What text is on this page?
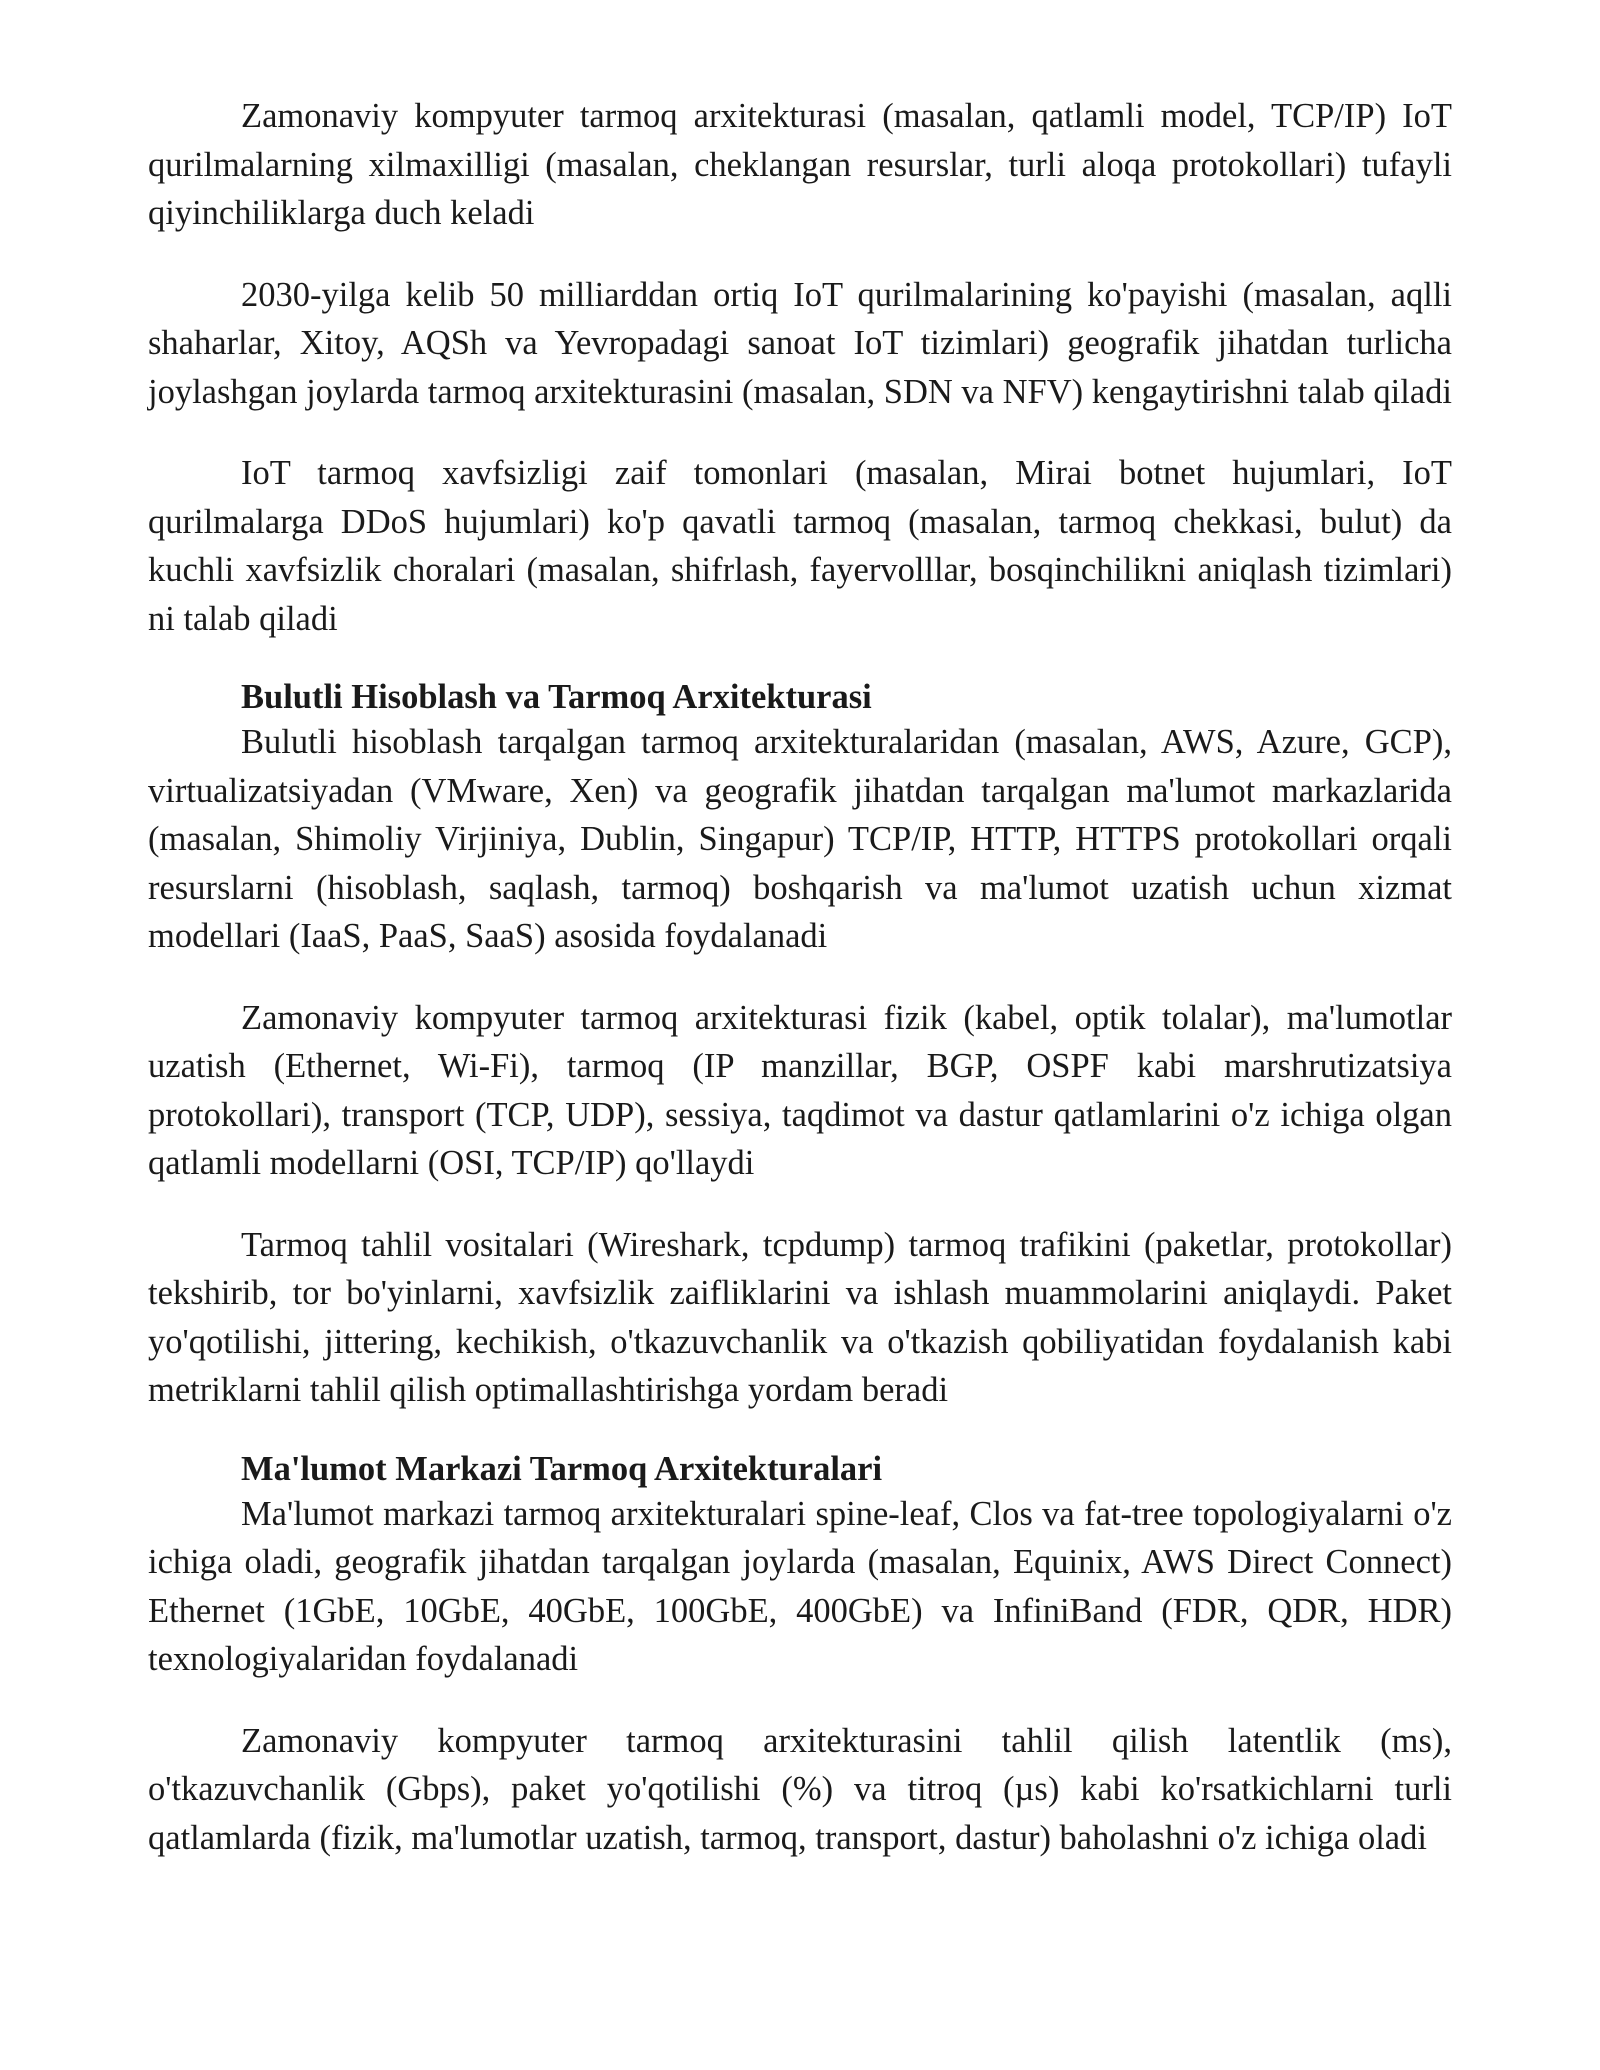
Zamonaviy kompyuter tarmoq arxitekturasi (masalan, qatlamli model, TCP/IP) IoT qurilmalarning xilmaxilligi (masalan, cheklangan resurslar, turli aloqa protokollari) tufayli qiyinchiliklarga duch keladi

2030-yilga kelib 50 milliarddan ortiq IoT qurilmalarining ko'payishi (masalan, aqlli shaharlar, Xitoy, AQSh va Yevropadagi sanoat IoT tizimlari) geografik jihatdan turlicha joylashgan joylarda tarmoq arxitekturasini (masalan, SDN va NFV) kengaytirishni talab qiladi

IoT tarmoq xavfsizligi zaif tomonlari (masalan, Mirai botnet hujumlari, IoT qurilmalarga DDoS hujumlari) ko'p qavatli tarmoq (masalan, tarmoq chekkasi, bulut) da kuchli xavfsizlik choralari (masalan, shifrlash, fayervolllar, bosqinchilikni aniqlash tizimlari) ni talab qiladi

Bulutli Hisoblash va Tarmoq Arxitekturasi

Bulutli hisoblash tarqalgan tarmoq arxitekturalaridan (masalan, AWS, Azure, GCP), virtualizatsiyadan (VMware, Xen) va geografik jihatdan tarqalgan ma'lumot markazlarida (masalan, Shimoliy Virjiniya, Dublin, Singapur) TCP/IP, HTTP, HTTPS protokollari orqali resurslarni (hisoblash, saqlash, tarmoq) boshqarish va ma'lumot uzatish uchun xizmat modellari (IaaS, PaaS, SaaS) asosida foydalanadi

Zamonaviy kompyuter tarmoq arxitekturasi fizik (kabel, optik tolalar), ma'lumotlar uzatish (Ethernet, Wi-Fi), tarmoq (IP manzillar, BGP, OSPF kabi marshrutizatsiya protokollari), transport (TCP, UDP), sessiya, taqdimot va dastur qatlamlarini o'z ichiga olgan qatlamli modellarni (OSI, TCP/IP) qo'llaydi

Tarmoq tahlil vositalari (Wireshark, tcpdump) tarmoq trafikini (paketlar, protokollar) tekshirib, tor bo'yinlarni, xavfsizlik zaifliklarini va ishlash muammolarini aniqlaydi. Paket yo'qotilishi, jittering, kechikish, o'tkazuvchanlik va o'tkazish qobiliyatidan foydalanish kabi metriklarni tahlil qilish optimallashtirishga yordam beradi

Ma'lumot Markazi Tarmoq Arxitekturalari

Ma'lumot markazi tarmoq arxitekturalari spine-leaf, Clos va fat-tree topologiyalarni o'z ichiga oladi, geografik jihatdan tarqalgan joylarda (masalan, Equinix, AWS Direct Connect) Ethernet (1GbE, 10GbE, 40GbE, 100GbE, 400GbE) va InfiniBand (FDR, QDR, HDR) texnologiyalaridan foydalanadi

Zamonaviy kompyuter tarmoq arxitekturasini tahlil qilish latentlik (ms), o'tkazuvchanlik (Gbps), paket yo'qotilishi (%) va titroq (µs) kabi ko'rsatkichlarni turli qatlamlarda (fizik, ma'lumotlar uzatish, tarmoq, transport, dastur) baholashni o'z ichiga oladi
